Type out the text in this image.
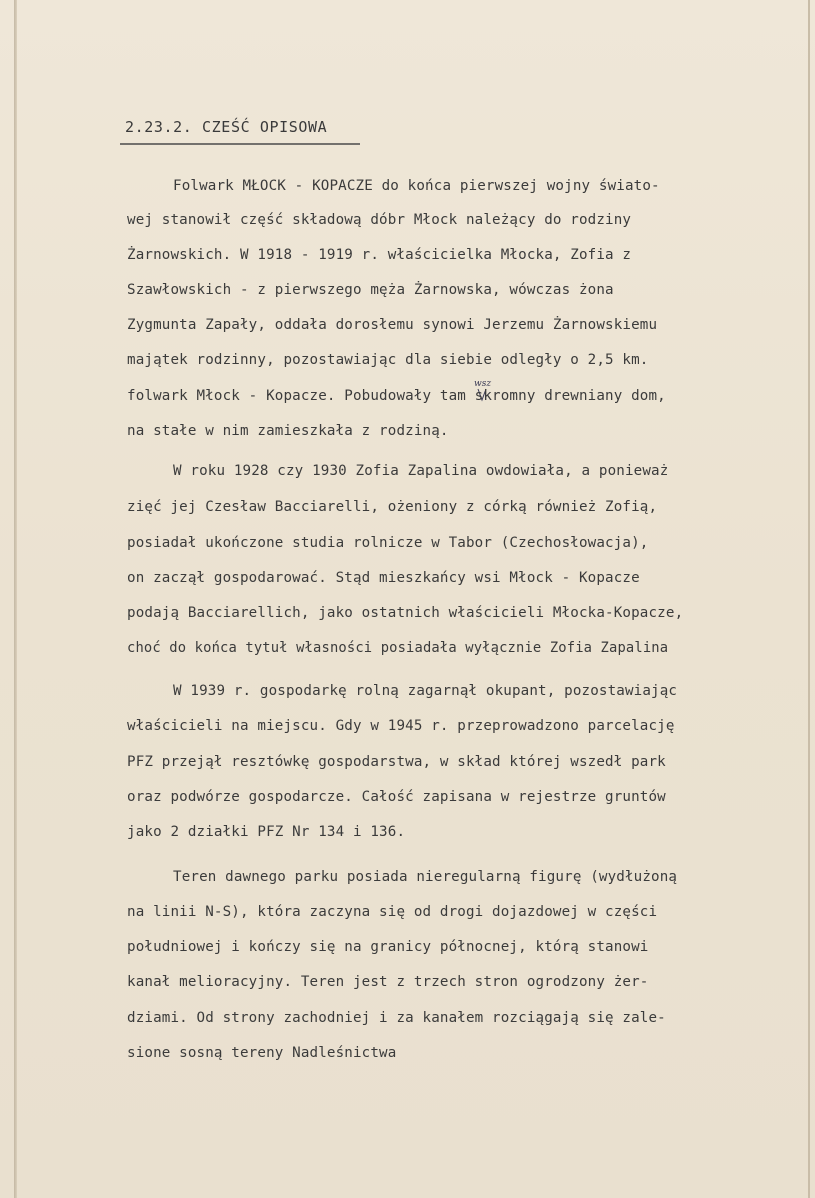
2.23.2. CZEŚĆ OPISOWA
wsz
Folwark MŁOCK - KOPACZE do końca pierwszej wojny świato-
wej stanowił część składową dóbr Młock należący do rodziny
Żarnowskich. W 1918 - 1919 r. właścicielka Młocka, Zofia z
Szawłowskich - z pierwszego męża Żarnowska, wówczas żona
Zygmunta Zapały, oddała dorosłemu synowi Jerzemu Żarnowskiemu
majątek rodzinny, pozostawiając dla siebie odległy o 2,5 km.
folwark Młock - Kopacze. Pobudowały tam skromny drewniany dom,
na stałe w nim zamieszkała z rodziną.
W roku 1928 czy 1930 Zofia Zapalina owdowiała, a ponieważ
zięć jej Czesław Bacciarelli, ożeniony z córką również Zofią,
posiadał ukończone studia rolnicze w Tabor (Czechosłowacja),
on zaczął gospodarować. Stąd mieszkańcy wsi Młock - Kopacze
podają Bacciarellich, jako ostatnich właścicieli Młocka-Kopacze,
choć do końca tytuł własności posiadała wyłącznie Zofia Zapalina
W 1939 r. gospodarkę rolną zagarnął okupant, pozostawiając
właścicieli na miejscu. Gdy w 1945 r. przeprowadzono parcelację
PFZ przejął resztówkę gospodarstwa, w skład której wszedł park
oraz podwórze gospodarcze. Całość zapisana w rejestrze gruntów
jako 2 działki PFZ Nr 134 i 136.
Teren dawnego parku posiada nieregularną figurę (wydłużoną
na linii N-S), która zaczyna się od drogi dojazdowej w części
południowej i kończy się na granicy północnej, którą stanowi
kanał melioracyjny. Teren jest z trzech stron ogrodzony żer-
dziami. Od strony zachodniej i za kanałem rozciągają się zale-
sione sosną tereny Nadleśnictwa
